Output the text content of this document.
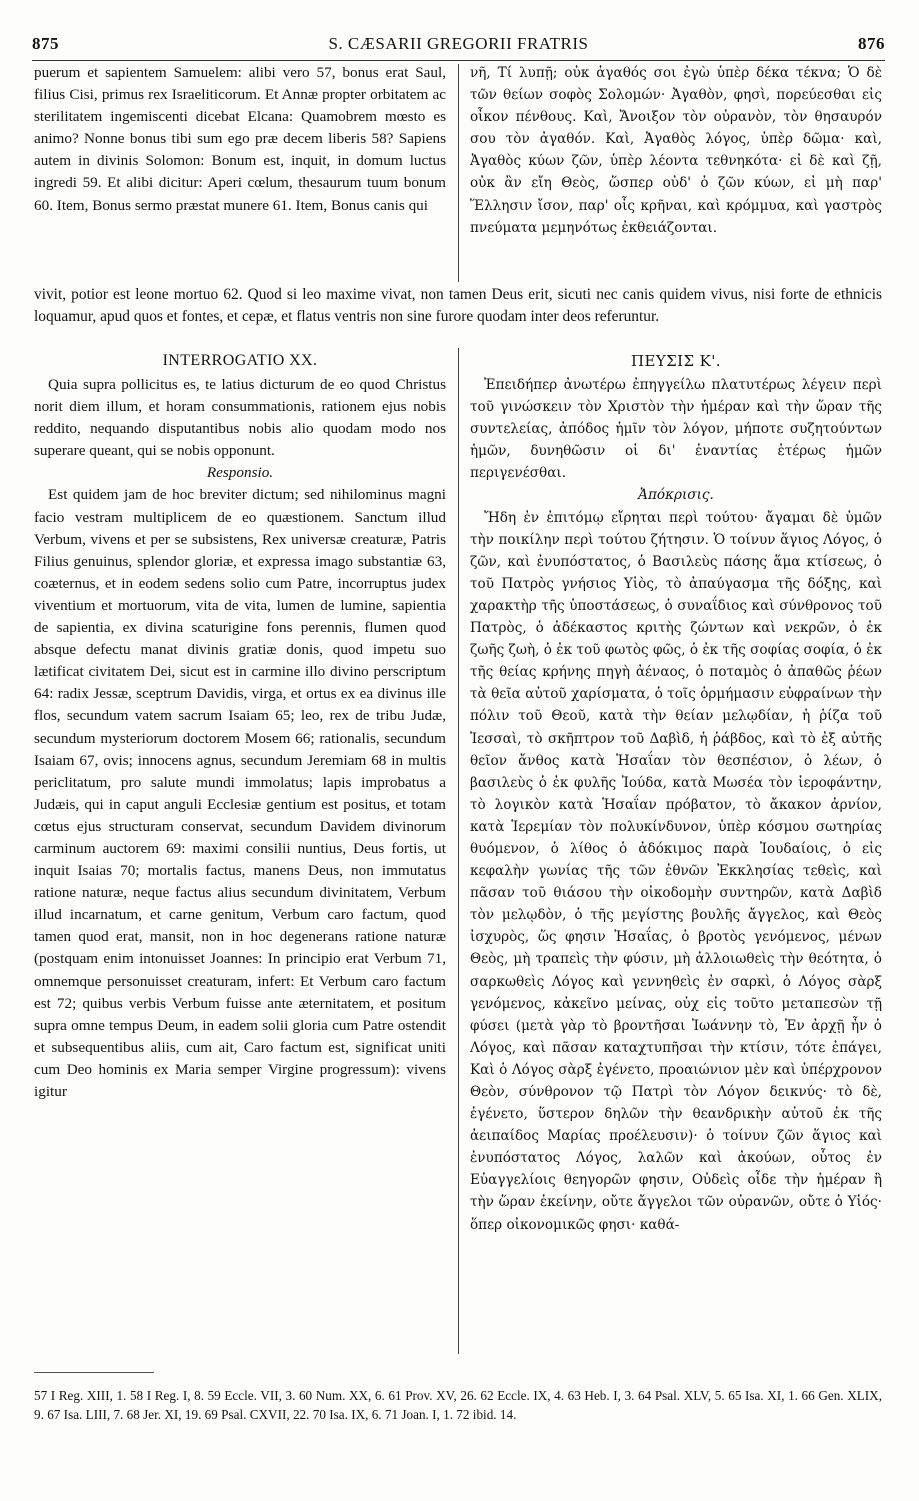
875	S. CÆSARII GREGORII FRATRIS	876

puerum et sapientem Samuelem: alibi vero 57, bonus erat Saul, filius Cisi, primus rex Israeliticorum. Et Annæ propter orbitatem ac sterilitatem ingemiscenti dicebat Elcana: Quamobrem mœsto es animo? Nonne bonus tibi sum ego præ decem liberis 58? Sapiens autem in divinis Solomon: Bonum est, inquit, in domum luctus ingredi 59. Et alibi dicitur: Aperi cœlum, thesaurum tuum bonum 60. Item, Bonus sermo præstat munere 61. Item, Bonus canis qui

νῆ, Τί λυπῇ; οὐκ ἀγαθός σοι ἐγὼ ὑπὲρ δέκα τέκνα; Ὁ δὲ τῶν θείων σοφὸς Σολομών· Ἀγαθὸν, φησὶ, πορεύεσθαι εἰς οἶκον πένθους. Καὶ, Ἄνοιξον τὸν οὐρανὸν, τὸν θησαυρόν σου τὸν ἀγαθόν. Καὶ, Ἀγαθὸς λόγος, ὑπὲρ δῶμα· καὶ, Ἀγαθὸς κύων ζῶν, ὑπὲρ λέοντα τεθνηκότα· εἰ δὲ καὶ ζῇ, οὐκ ἂν εἴη Θεὸς, ὥσπερ οὐδ' ὁ ζῶν κύων, εἰ μὴ παρ' Ἕλλησιν ἴσον, παρ' οἷς κρῆναι, καὶ κρόμμυα, καὶ γαστρὸς πνεύματα μεμηνότως ἐκθειάζονται.

vivit, potior est leone mortuo 62. Quod si leo maxime vivat, non tamen Deus erit, sicuti nec canis quidem vivus, nisi forte de ethnicis loquamur, apud quos et fontes, et cepæ, et flatus ventris non sine furore quodam inter deos referuntur.
INTERROGATIO XX.	ΠΕΥΣΙΣ Κ'.

Quia supra pollicitus es, te latius dicturum de eo quod Christus norit diem illum, et horam consummationis, rationem ejus nobis reddito, nequando disputantibus nobis alio quodam modo nos superare queant, qui se nobis opponunt.

Responsio.

Est quidem jam de hoc breviter dictum; sed nihilominus magni facio vestram multiplicem de eo quæstionem. Sanctum illud Verbum, vivens et per se subsistens, Rex universæ creaturæ, Patris Filius genuinus, splendor gloriæ, et expressa imago substantiæ 63, coæternus, et in eodem sedens solio cum Patre, incorruptus judex viventium et mortuorum, vita de vita, lumen de lumine, sapientia de sapientia, ex divina scaturigine fons perennis, flumen quod absque defectu manat divinis gratiæ donis, quod impetu suo lætificat civitatem Dei, sicut est in carmine illo divino perscriptum 64: radix Jessæ, sceptrum Davidis, virga, et ortus ex ea divinus ille flos, secundum vatem sacrum Isaiam 65; leo, rex de tribu Judæ, secundum mysteriorum doctorem Mosem 66; rationalis, secundum Isaiam 67, ovis; innocens agnus, secundum Jeremiam 68 in multis periclitatum, pro salute mundi immolatus; lapis improbatus a Judæis, qui in caput anguli Ecclesiæ gentium est positus, et totam cœtus ejus structuram conservat, secundum Davidem divinorum carminum auctorem 69: maximi consilii nuntius, Deus fortis, ut inquit Isaias 70; mortalis factus, manens Deus, non immutatus ratione naturæ, neque factus alius secundum divinitatem, Verbum illud incarnatum, et carne genitum, Verbum caro factum, quod tamen quod erat, mansit, non in hoc degenerans ratione naturæ (postquam enim intonuisset Joannes: In principio erat Verbum 71, omnemque personuisset creaturam, infert: Et Verbum caro factum est 72; quibus verbis Verbum fuisse ante æternitatem, et positum supra omne tempus Deum, in eadem solii gloria cum Patre ostendit et subsequentibus aliis, cum ait, Caro factum est, significat uniti cum Deo hominis ex Maria semper Virgine progressum): vivens igitur

Ἐπειδήπερ ἀνωτέρω ἐπηγγείλω πλατυτέρως λέγειν περὶ τοῦ γινώσκειν τὸν Χριστὸν τὴν ἡμέραν καὶ τὴν ὥραν τῆς συντελείας, ἀπόδος ἡμῖν τὸν λόγον, μήποτε συζητούντων ἡμῶν, δυνηθῶσιν οἱ δι' ἐναντίας ἑτέρως ἡμῶν περιγενέσθαι.

Ἀπόκρισις.

Ἤδη ἐν ἐπιτόμῳ εἴρηται περὶ τούτου· ἄγαμαι δὲ ὑμῶν τὴν ποικίλην περὶ τούτου ζήτησιν. Ὁ τοίνυν ἅγιος Λόγος, ὁ ζῶν, καὶ ἐνυπόστατος, ὁ Βασιλεὺς πάσης ἅμα κτίσεως, ὁ τοῦ Πατρὸς γνήσιος Υἱὸς, τὸ ἀπαύγασμα τῆς δόξης, καὶ χαρακτὴρ τῆς ὑποστάσεως, ὁ συναΐδιος καὶ σύνθρονος τοῦ Πατρὸς, ὁ ἀδέκαστος κριτὴς ζώντων καὶ νεκρῶν, ὁ ἐκ ζωῆς ζωὴ, ὁ ἐκ τοῦ φωτὸς φῶς, ὁ ἐκ τῆς σοφίας σοφία, ὁ ἐκ τῆς θείας κρήνης πηγὴ ἀέναος, ὁ ποταμὸς ὁ ἀπαθῶς ῥέων τὰ θεῖα αὐτοῦ χαρίσματα, ὁ τοῖς ὁρμήμασιν εὐφραίνων τὴν πόλιν τοῦ Θεοῦ, κατὰ τὴν θείαν μελῳδίαν, ἡ ῥίζα τοῦ Ἰεσσαὶ, τὸ σκῆπτρον τοῦ Δαβὶδ, ἡ ῥάβδος, καὶ τὸ ἐξ αὐτῆς θεῖον ἄνθος κατὰ Ἡσαΐαν τὸν θεσπέσιον, ὁ λέων, ὁ βασιλεὺς ὁ ἐκ φυλῆς Ἰούδα, κατὰ Μωσέα τὸν ἱεροφάντην, τὸ λογικὸν κατὰ Ἡσαΐαν πρόβατον, τὸ ἄκακον ἀρνίον, κατὰ Ἱερεμίαν τὸν πολυκίνδυνον, ὑπὲρ κόσμου σωτηρίας θυόμενον, ὁ λίθος ὁ ἀδόκιμος παρὰ Ἰουδαίοις, ὁ εἰς κεφαλὴν γωνίας τῆς τῶν ἐθνῶν Ἐκκλησίας τεθεὶς, καὶ πᾶσαν τοῦ θιάσου τὴν οἰκοδομὴν συντηρῶν, κατὰ Δαβὶδ τὸν μελῳδὸν, ὁ τῆς μεγίστης βουλῆς ἄγγελος, καὶ Θεὸς ἰσχυρὸς, ὥς φησιν Ἡσαΐας, ὁ βροτὸς γενόμενος, μένων Θεὸς, μὴ τραπεὶς τὴν φύσιν, μὴ ἀλλοιωθεὶς τὴν θεότητα, ὁ σαρκωθεὶς Λόγος καὶ γεννηθεὶς ἐν σαρκὶ, ὁ Λόγος σὰρξ γενόμενος, κἀκεῖνο μείνας, οὐχ εἰς τοῦτο μεταπεσὼν τῇ φύσει (μετὰ γὰρ τὸ βροντῆσαι Ἰωάννην τὸ, Ἐν ἀρχῇ ἦν ὁ Λόγος, καὶ πᾶσαν καταχτυπῆσαι τὴν κτίσιν, τότε ἐπάγει, Καὶ ὁ Λόγος σὰρξ ἐγένετο, προαιώνιον μὲν καὶ ὑπέρχρονον Θεὸν, σύνθρονον τῷ Πατρὶ τὸν Λόγον δεικνύς· τὸ δὲ, ἐγένετο, ὕστερον δηλῶν τὴν θεανδρικὴν αὐτοῦ ἐκ τῆς ἀειπαίδος Μαρίας προέλευσιν)· ὁ τοίνυν ζῶν ἅγιος καὶ ἐνυπόστατος Λόγος, λαλῶν καὶ ἀκούων, οὗτος ἐν Εὐαγγελίοις θεηγορῶν φησιν, Οὐδεὶς οἶδε τὴν ἡμέραν ἢ τὴν ὥραν ἐκείνην, οὔτε ἄγγελοι τῶν οὐρανῶν, οὔτε ὁ Υἱός· ὅπερ οἰκονομικῶς φησι· καθά-

57 I Reg. XIII, 1. 58 I Reg. I, 8. 59 Eccle. VII, 3. 60 Num. XX, 6. 61 Prov. XV, 26. 62 Eccle. IX, 4. 63 Heb. I, 3. 64 Psal. XLV, 5. 65 Isa. XI, 1. 66 Gen. XLIX, 9. 67 Isa. LIII, 7. 68 Jer. XI, 19. 69 Psal. CXVII, 22. 70 Isa. IX, 6. 71 Joan. I, 1. 72 ibid. 14.
